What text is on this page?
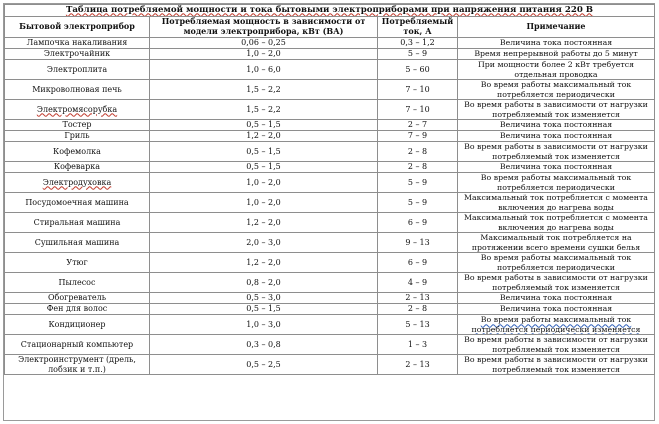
Таблица потребляемой мощности и тока бытовыми электроприборами при напряжения питания 220 В			
Бытовой электроприбор	Потребляемая мощность в зависимости от модели электроприбора, кВт (ВА)	Потребляемый ток, А	Примечание
Лампочка накаливания	0,06 – 0,25	0,3 – 1,2	Величина тока постоянная
Электрочайник	1,0 – 2,0	5 – 9	Время непрерывной работы до 5 минут
Электроплита	1,0 – 6,0	5 – 60	При мощности более 2 кВт требуется отдельная проводка
Микроволновая печь	1,5 – 2,2	7 – 10	Во время работы максимальный ток потребляется периодически
Электромясорубка	1,5 – 2,2	7 – 10	Во время работы в зависимости от нагрузки потребляемый ток изменяется
Тостер	0,5 – 1,5	2 – 7	Величина тока постоянная
Гриль	1,2 – 2,0	7 – 9	Величина тока постоянная
Кофемолка	0,5 – 1,5	2 – 8	Во время работы в зависимости от нагрузки потребляемый ток изменяется
Кофеварка	0,5 – 1,5	2 – 8	Величина тока постоянная
Электродуховка	1,0 – 2,0	5 – 9	Во время работы максимальный ток потребляется периодически
Посудомоечная машина	1,0 – 2,0	5 – 9	Максимальный ток потребляется с момента включения до нагрева воды
Стиральная машина	1,2 – 2,0	6 – 9	Максимальный ток потребляется с момента включения до нагрева воды
Сушильная машина	2,0 – 3,0	9 – 13	Максимальный ток потребляется на протяжении всего времени сушки белья
Утюг	1,2 – 2,0	6 – 9	Во время работы максимальный ток потребляется периодически
Пылесос	0,8 – 2,0	4 – 9	Во время работы в зависимости от нагрузки потребляемый ток изменяется
Обогреватель	0,5 – 3,0	2 – 13	Величина тока постоянная
Фен для волос	0,5 – 1,5	2 – 8	Величина тока постоянная
Кондиционер	1,0 – 3,0	5 – 13	Во время работы максимальный ток потребляется периодически изменяется
Стационарный компьютер	0,3 – 0,8	1 – 3	Во время работы в зависимости от нагрузки потребляемый ток изменяется
Электроинструмент (дрель, лобзик и т.п.)	0,5 – 2,5	2 – 13	Во время работы в зависимости от нагрузки потребляемый ток изменяется
